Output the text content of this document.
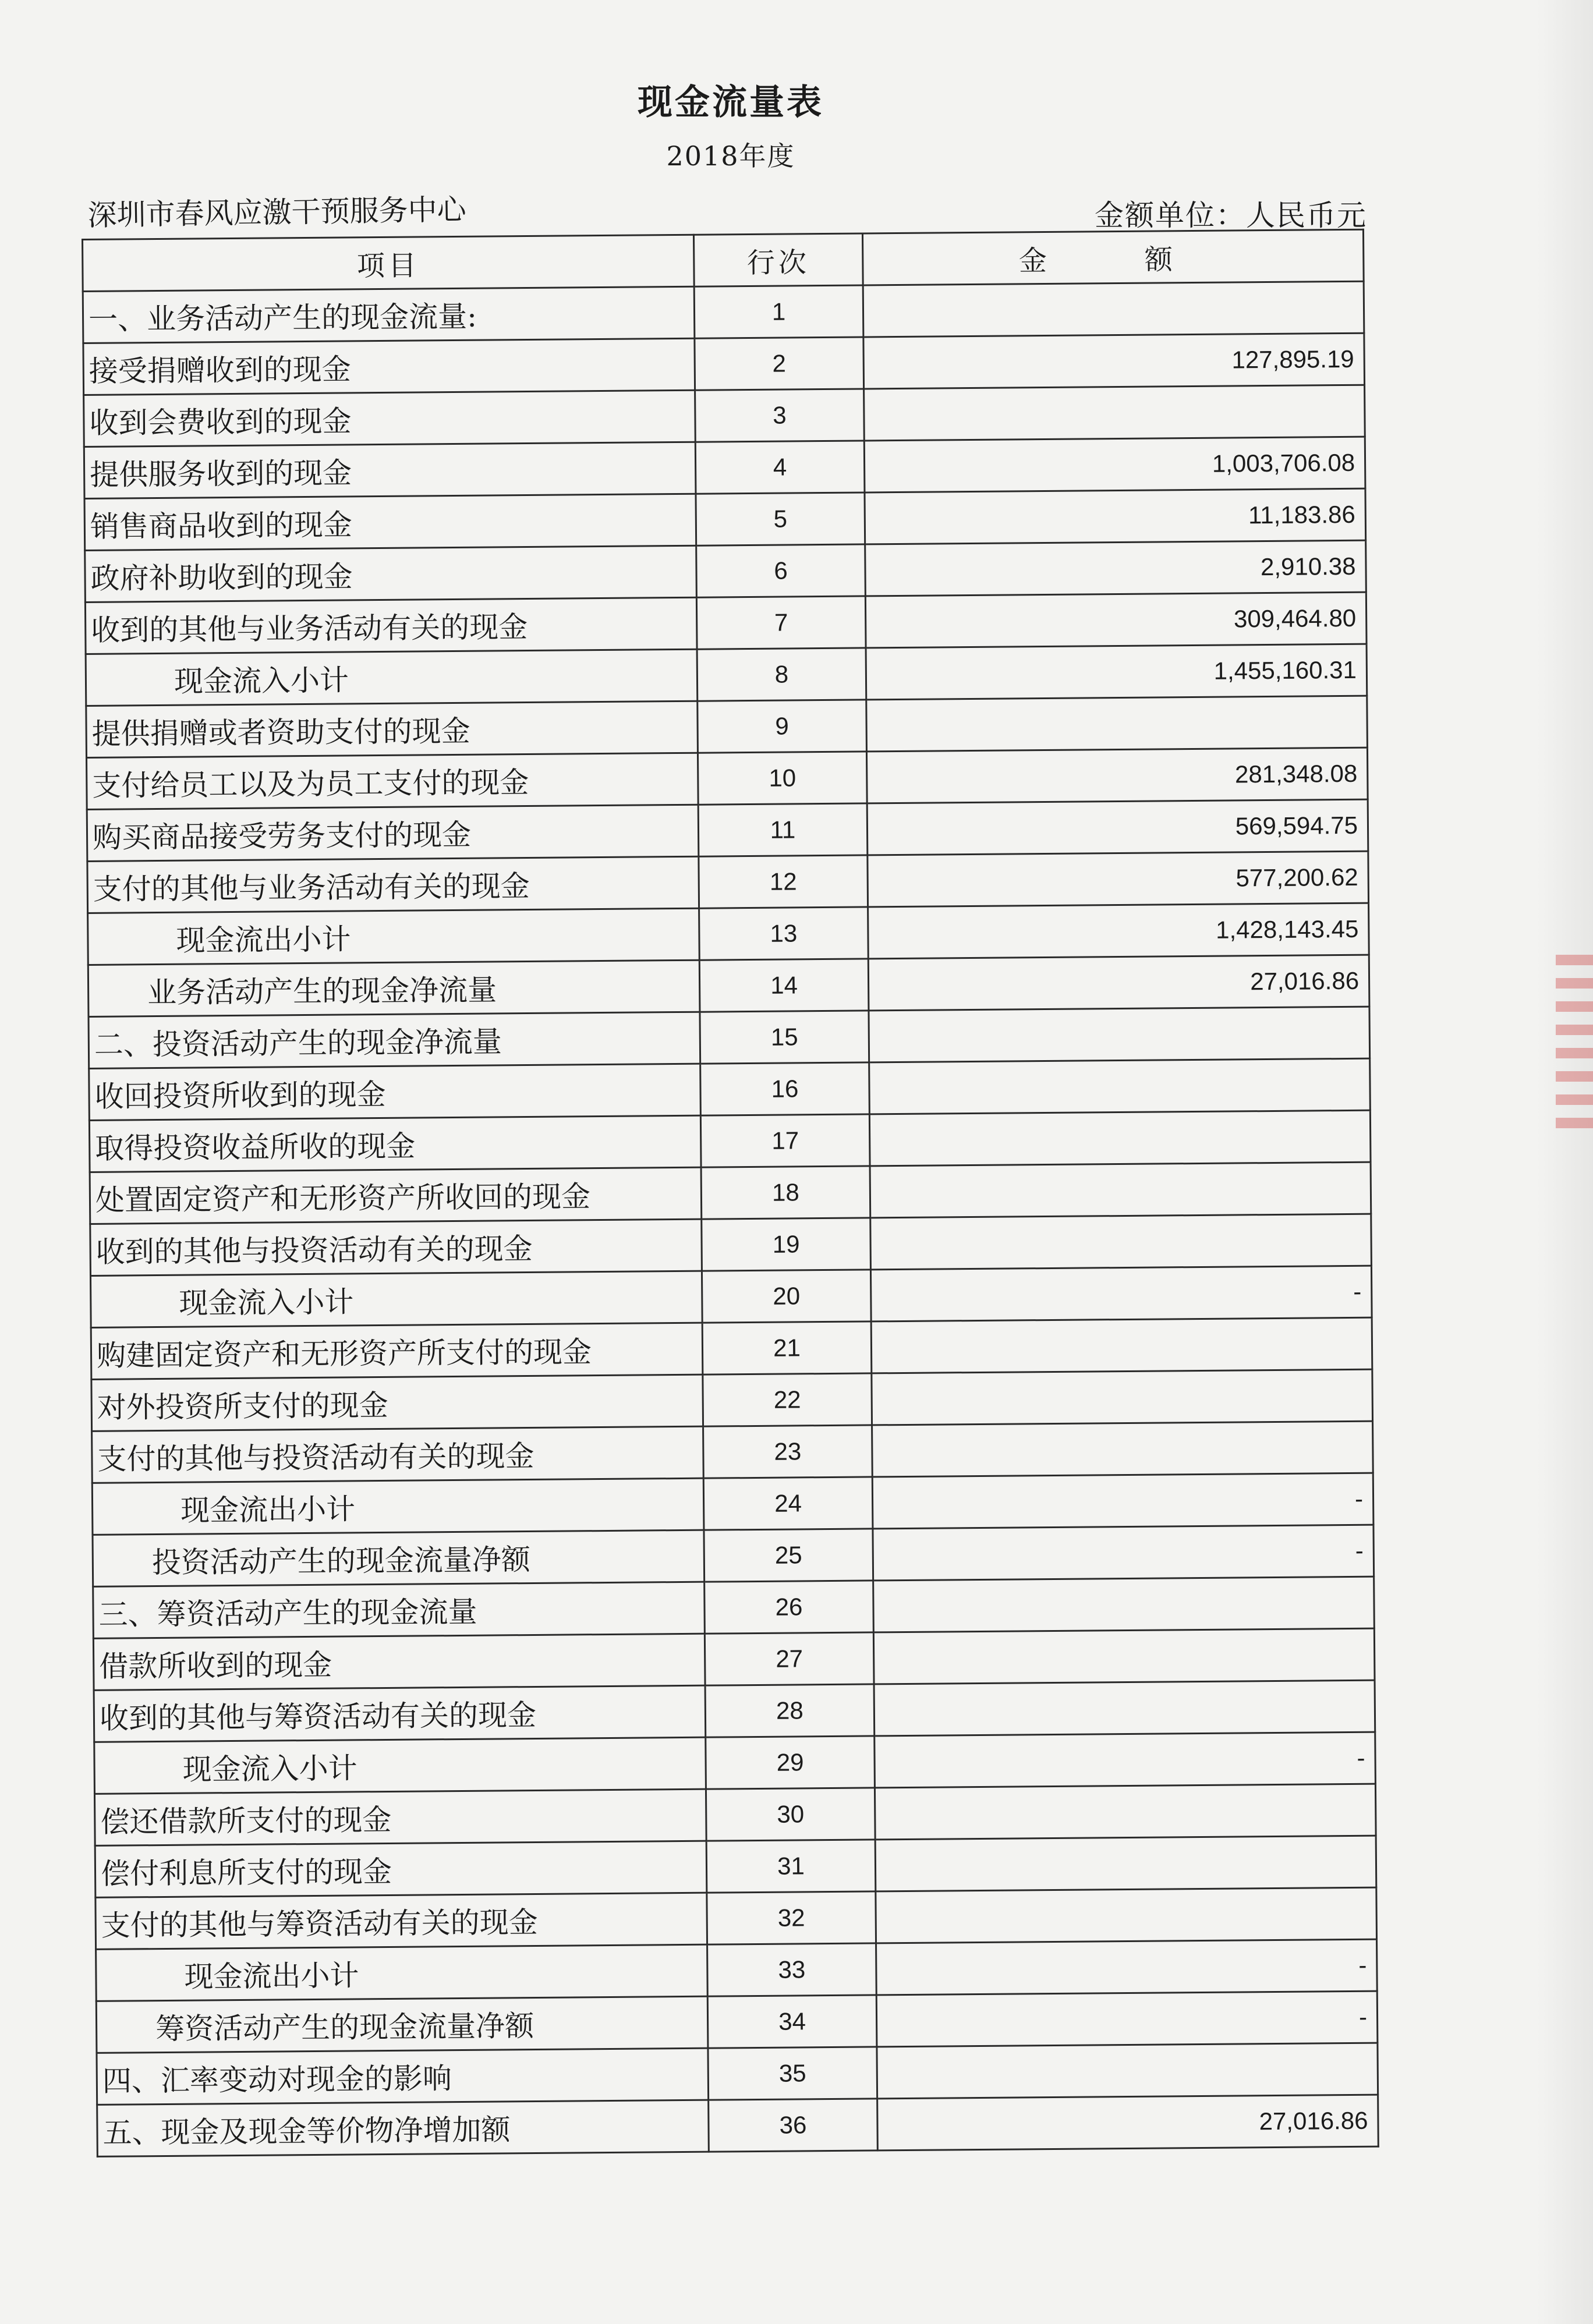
现金流量表
2018年度
深圳市春风应激干预服务中心	金额单位：人民币元
项目	行次	金　额
一、业务活动产生的现金流量:	1	
接受捐赠收到的现金	2	127,895.19
收到会费收到的现金	3	
提供服务收到的现金	4	1,003,706.08
销售商品收到的现金	5	11,183.86
政府补助收到的现金	6	2,910.38
收到的其他与业务活动有关的现金	7	309,464.80
现金流入小计	8	1,455,160.31
提供捐赠或者资助支付的现金	9	
支付给员工以及为员工支付的现金	10	281,348.08
购买商品接受劳务支付的现金	11	569,594.75
支付的其他与业务活动有关的现金	12	577,200.62
现金流出小计	13	1,428,143.45
业务活动产生的现金净流量	14	27,016.86
二、投资活动产生的现金净流量	15	
收回投资所收到的现金	16	
取得投资收益所收的现金	17	
处置固定资产和无形资产所收回的现金	18	
收到的其他与投资活动有关的现金	19	
现金流入小计	20	-
购建固定资产和无形资产所支付的现金	21	
对外投资所支付的现金	22	
支付的其他与投资活动有关的现金	23	
现金流出小计	24	-
投资活动产生的现金流量净额	25	-
三、筹资活动产生的现金流量	26	
借款所收到的现金	27	
收到的其他与筹资活动有关的现金	28	
现金流入小计	29	-
偿还借款所支付的现金	30	
偿付利息所支付的现金	31	
支付的其他与筹资活动有关的现金	32	
现金流出小计	33	-
筹资活动产生的现金流量净额	34	-
四、汇率变动对现金的影响	35	
五、现金及现金等价物净增加额	36	27,016.86
